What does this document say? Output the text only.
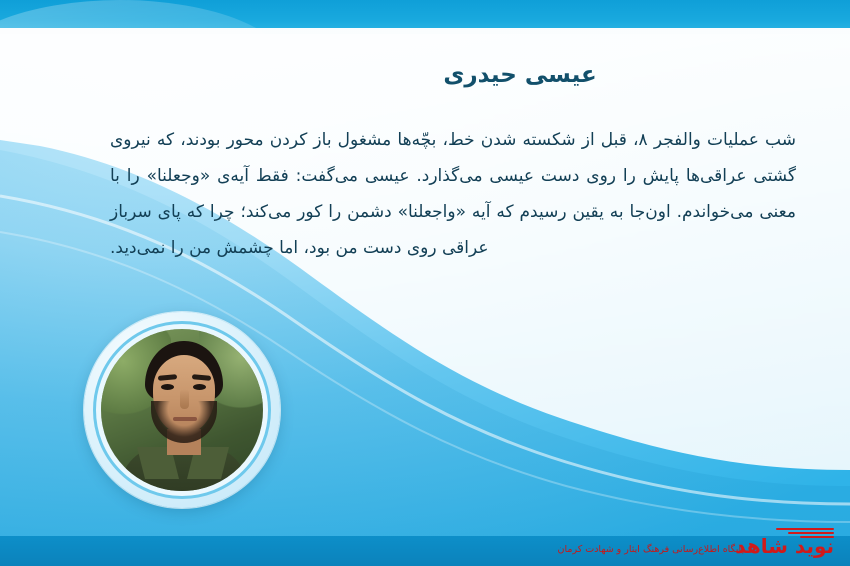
عیسی حیدری

شب عملیات والفجر ۸، قبل از شکسته شدن خط، بچّه‌ها مشغول باز کردن محور بودند، که نیروی گشتی عراقی‌ها پایش را روی دست عیسی می‌گذارد. عیسی می‌گفت: فقط آیه‌ی «وجعلنا» را با معنی می‌خواندم. اون‌جا به یقین رسیدم که آیه‌ «واجعلنا» دشمن را کور می‌کند؛ چرا که پای سرباز عراقی روی دست من بود، اما چشمش من را نمی‌دید.

نوید شاهد
پایگاه اطلاع‌رسانی فرهنگ ایثار و شهادت کرمان
